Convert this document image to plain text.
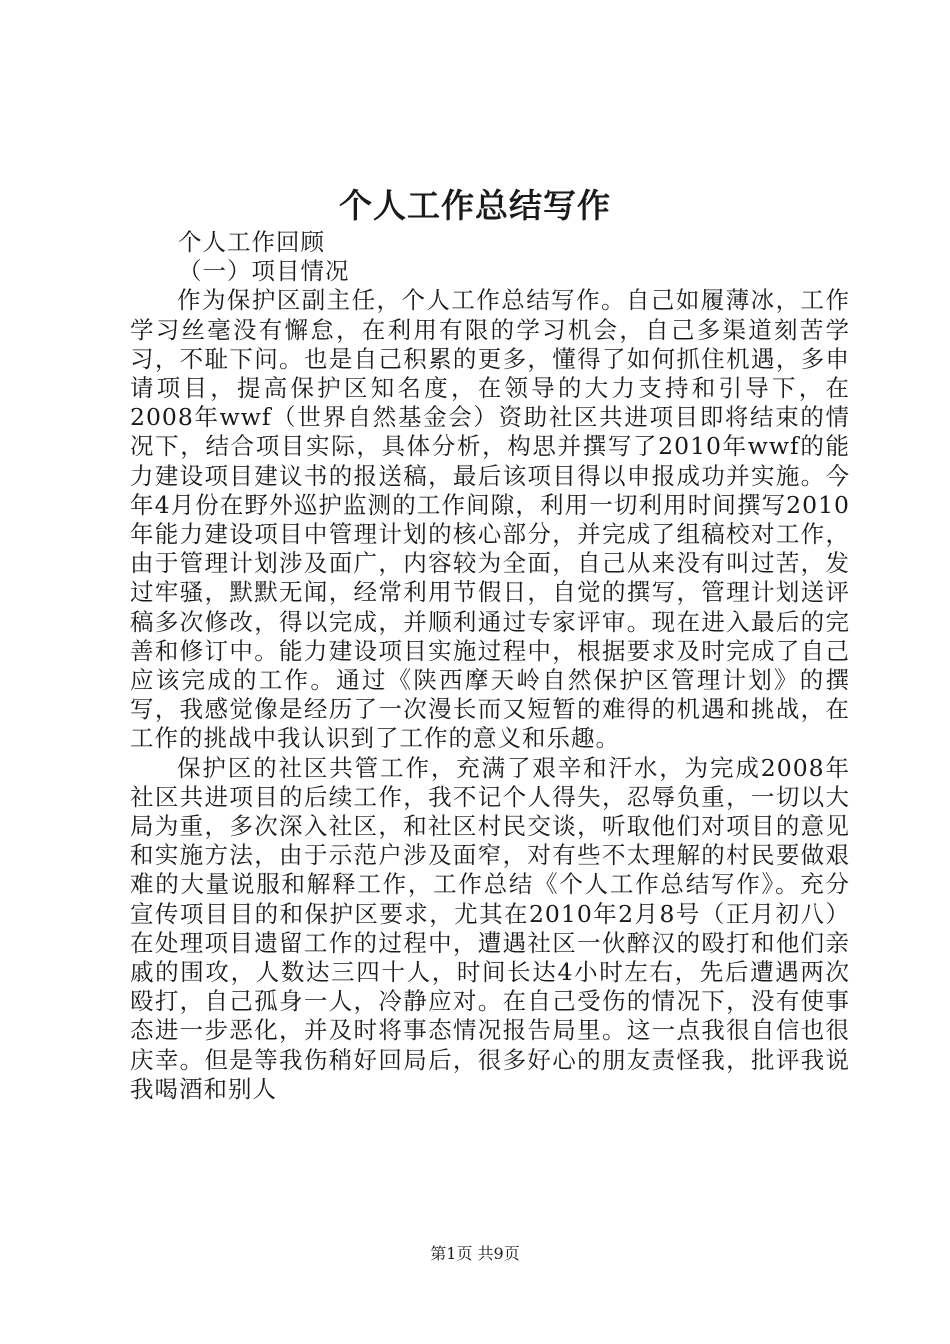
个人工作总结写作
个人工作回顾
（一）项目情况

作为保护区副主任，个人工作总结写作。自己如履薄冰，工作学习丝毫没有懈怠，在利用有限的学习机会，自己多渠道刻苦学习，不耻下问。也是自己积累的更多，懂得了如何抓住机遇，多申请项目，提高保护区知名度，在领导的大力支持和引导下，在2008年wwf（世界自然基金会）资助社区共进项目即将结束的情况下，结合项目实际，具体分析，构思并撰写了2010年wwf的能力建设项目建议书的报送稿，最后该项目得以申报成功并实施。今年4月份在野外巡护监测的工作间隙，利用一切利用时间撰写2010年能力建设项目中管理计划的核心部分，并完成了组稿校对工作，由于管理计划涉及面广，内容较为全面，自己从来没有叫过苦，发过牢骚，默默无闻，经常利用节假日，自觉的撰写，管理计划送评稿多次修改，得以完成，并顺利通过专家评审。现在进入最后的完善和修订中。能力建设项目实施过程中，根据要求及时完成了自己应该完成的工作。通过《陕西摩天岭自然保护区管理计划》的撰写，我感觉像是经历了一次漫长而又短暂的难得的机遇和挑战，在工作的挑战中我认识到了工作的意义和乐趣。

保护区的社区共管工作，充满了艰辛和汗水，为完成2008年社区共进项目的后续工作，我不记个人得失，忍辱负重，一切以大局为重，多次深入社区，和社区村民交谈，听取他们对项目的意见和实施方法，由于示范户涉及面窄，对有些不太理解的村民要做艰难的大量说服和解释工作，工作总结《个人工作总结写作》。充分宣传项目目的和保护区要求，尤其在2010年2月8号（正月初八）在处理项目遗留工作的过程中，遭遇社区一伙醉汉的殴打和他们亲戚的围攻，人数达三四十人，时间长达4小时左右，先后遭遇两次殴打，自己孤身一人，冷静应对。在自己受伤的情况下，没有使事态进一步恶化，并及时将事态情况报告局里。这一点我很自信也很庆幸。但是等我伤稍好回局后，很多好心的朋友责怪我，批评我说我喝酒和别人

第1页 共9页
